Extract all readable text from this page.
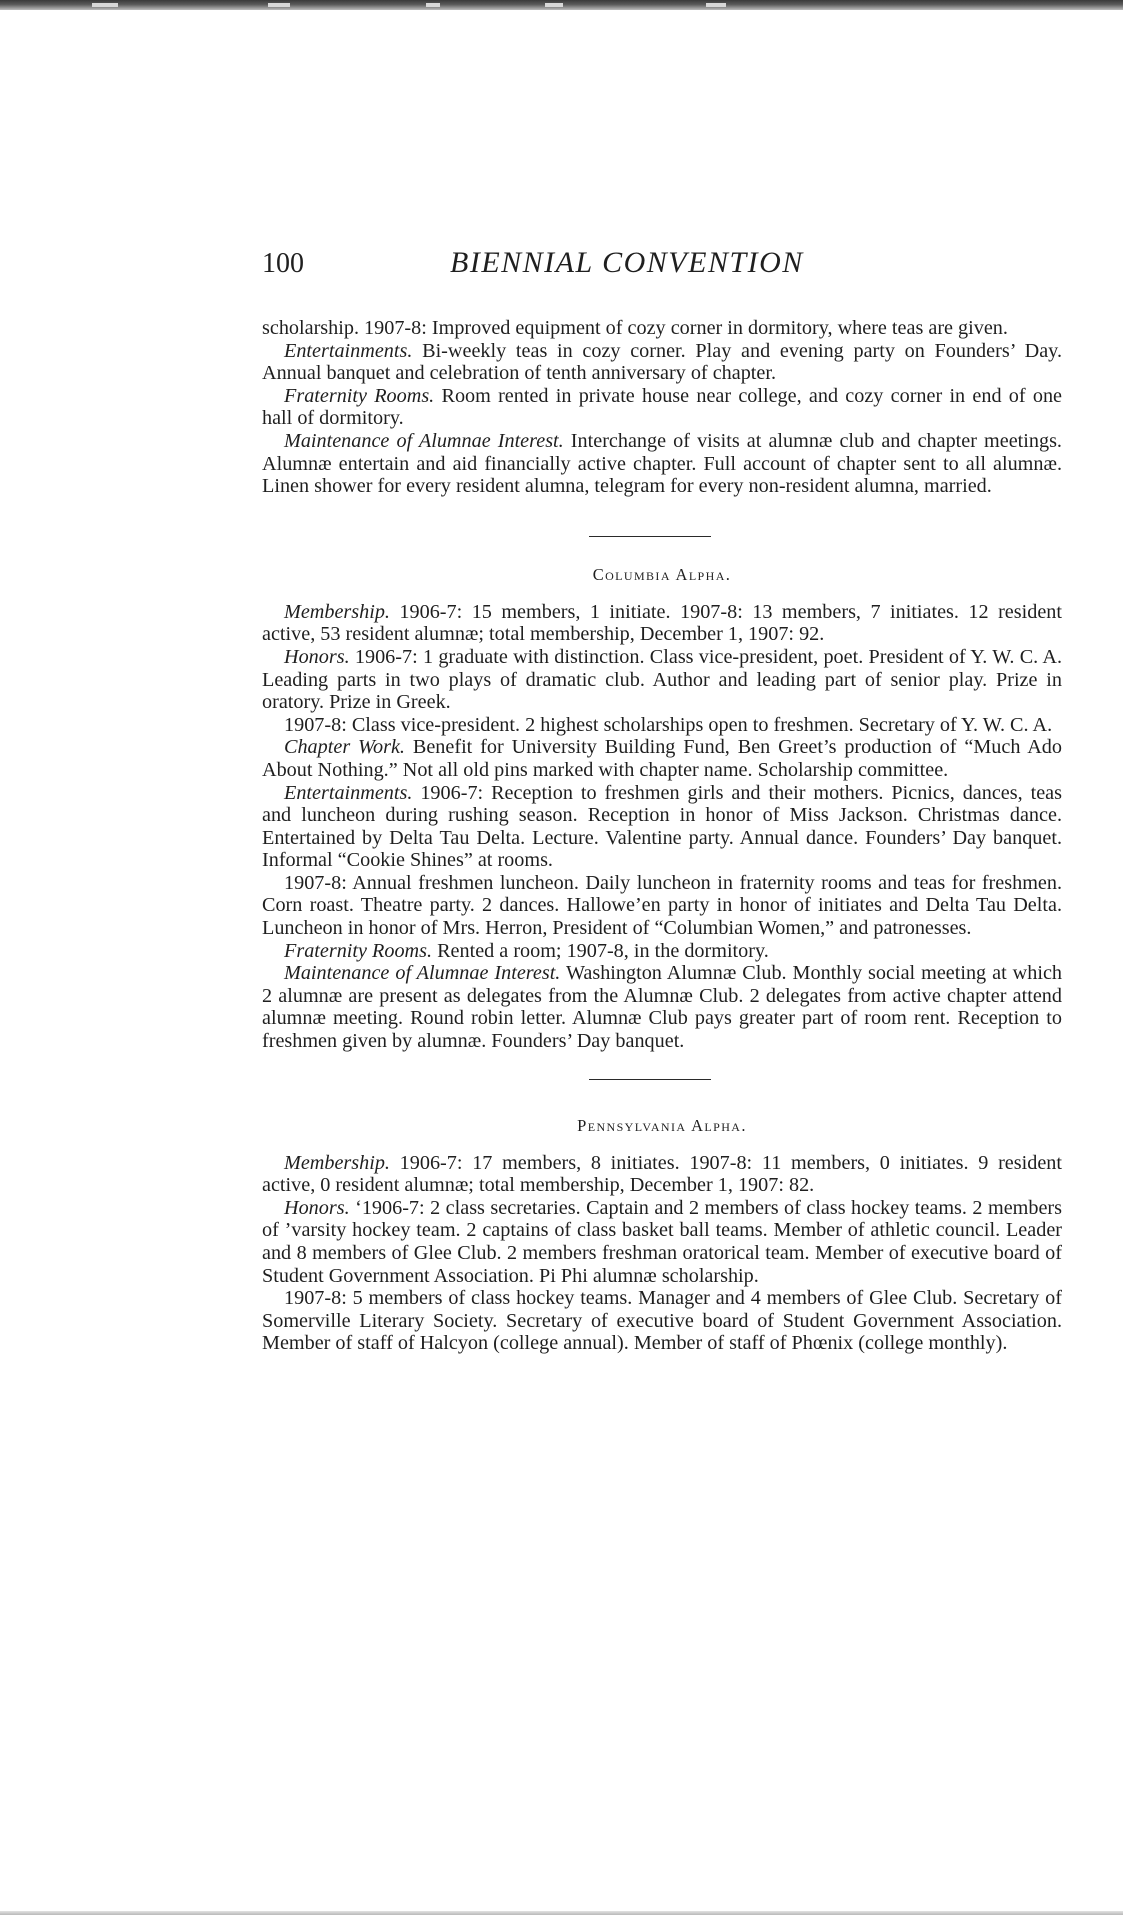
100	BIENNIAL CONVENTION

scholarship. 1907-8: Improved equipment of cozy corner in dormitory, where teas are given.

Entertainments. Bi-weekly teas in cozy corner. Play and evening party on Founders’ Day. Annual banquet and celebration of tenth anniversary of chapter.

Fraternity Rooms. Room rented in private house near college, and cozy corner in end of one hall of dormitory.

Maintenance of Alumnae Interest. Interchange of visits at alumnæ club and chapter meetings. Alumnæ entertain and aid financially active chapter. Full account of chapter sent to all alumnæ. Linen shower for every resident alumna, telegram for every non-resident alumna, married.

Columbia Alpha.

Membership. 1906-7: 15 members, 1 initiate. 1907-8: 13 members, 7 initiates. 12 resident active, 53 resident alumnæ; total membership, December 1, 1907: 92.

Honors. 1906-7: 1 graduate with distinction. Class vice-president, poet. President of Y. W. C. A. Leading parts in two plays of dramatic club. Author and leading part of senior play. Prize in oratory. Prize in Greek.

1907-8: Class vice-president. 2 highest scholarships open to freshmen. Secretary of Y. W. C. A.

Chapter Work. Benefit for University Building Fund, Ben Greet’s production of “Much Ado About Nothing.” Not all old pins marked with chapter name. Scholarship committee.

Entertainments. 1906-7: Reception to freshmen girls and their mothers. Picnics, dances, teas and luncheon during rushing season. Reception in honor of Miss Jackson. Christmas dance. Entertained by Delta Tau Delta. Lecture. Valentine party. Annual dance. Founders’ Day banquet. Informal “Cookie Shines” at rooms.

1907-8: Annual freshmen luncheon. Daily luncheon in fraternity rooms and teas for freshmen. Corn roast. Theatre party. 2 dances. Hallowe’en party in honor of initiates and Delta Tau Delta. Luncheon in honor of Mrs. Herron, President of “Columbian Women,” and patronesses.

Fraternity Rooms. Rented a room; 1907-8, in the dormitory.

Maintenance of Alumnae Interest. Washington Alumnæ Club. Monthly social meeting at which 2 alumnæ are present as delegates from the Alumnæ Club. 2 delegates from active chapter attend alumnæ meeting. Round robin letter. Alumnæ Club pays greater part of room rent. Reception to freshmen given by alumnæ. Founders’ Day banquet.

Pennsylvania Alpha.

Membership. 1906-7: 17 members, 8 initiates. 1907-8: 11 members, 0 initiates. 9 resident active, 0 resident alumnæ; total membership, December 1, 1907: 82.

Honors. ‘1906-7: 2 class secretaries. Captain and 2 members of class hockey teams. 2 members of ’varsity hockey team. 2 captains of class basket ball teams. Member of athletic council. Leader and 8 members of Glee Club. 2 members freshman oratorical team. Member of executive board of Student Government Association. Pi Phi alumnæ scholarship.

1907-8: 5 members of class hockey teams. Manager and 4 members of Glee Club. Secretary of Somerville Literary Society. Secretary of executive board of Student Government Association. Member of staff of Halcyon (college annual). Member of staff of Phœnix (college monthly).
